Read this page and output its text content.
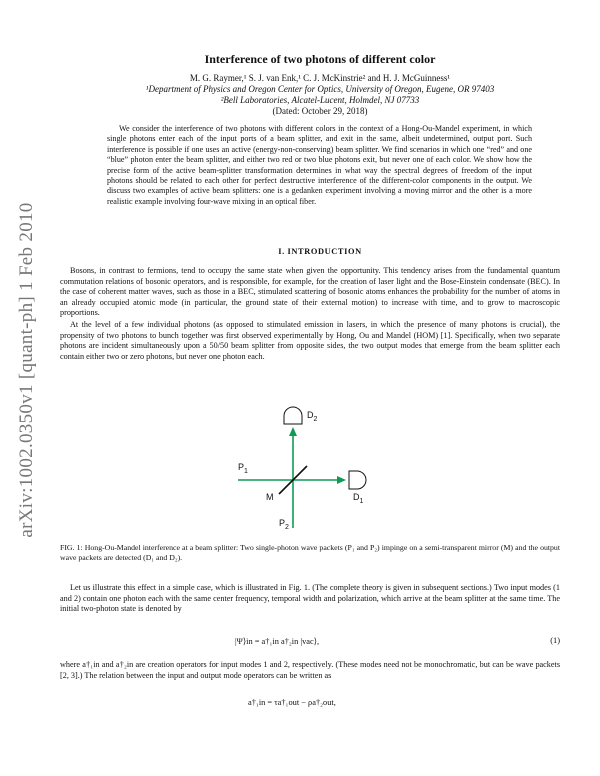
arXiv:1002.0350v1 [quant-ph] 1 Feb 2010
Interference of two photons of different color
M. G. Raymer,¹ S. J. van Enk,¹ C. J. McKinstrie² and H. J. McGuinness¹
¹Department of Physics and Oregon Center for Optics, University of Oregon, Eugene, OR 97403
²Bell Laboratories, Alcatel-Lucent, Holmdel, NJ 07733
(Dated: October 29, 2018)
We consider the interference of two photons with different colors in the context of a Hong-Ou-Mandel experiment, in which single photons enter each of the input ports of a beam splitter, and exit in the same, albeit undetermined, output port. Such interference is possible if one uses an active (energy-non-conserving) beam splitter. We find scenarios in which one “red” and one “blue” photon enter the beam splitter, and either two red or two blue photons exit, but never one of each color. We show how the precise form of the active beam-splitter transformation determines in what way the spectral degrees of freedom of the input photons should be related to each other for perfect destructive interference of the different-color components in the output. We discuss two examples of active beam splitters: one is a gedanken experiment involving a moving mirror and the other is a more realistic example involving four-wave mixing in an optical fiber.
I. INTRODUCTION

Bosons, in contrast to fermions, tend to occupy the same state when given the opportunity. This tendency arises from the fundamental quantum commutation relations of bosonic operators, and is responsible, for example, for the creation of laser light and the Bose-Einstein condensate (BEC). In the case of coherent matter waves, such as those in a BEC, stimulated scattering of bosonic atoms enhances the probability for the number of atoms in an already occupied atomic mode (in particular, the ground state of their external motion) to increase with time, and to grow to macroscopic proportions.

At the level of a few individual photons (as opposed to stimulated emission in lasers, in which the presence of many photons is crucial), the propensity of two photons to bunch together was first observed experimentally by Hong, Ou and Mandel (HOM) [1]. Specifically, when two separate photons are incident simultaneously upon a 50/50 beam splitter from opposite sides, the two output modes that emerge from the beam splitter each contain either two or zero photons, but never one photon each.

$D_2$
$D_1$
$P_1$
M
$P_2$
FIG. 1: Hong-Ou-Mandel interference at a beam splitter: Two single-photon wave packets (P₁ and P₂) impinge on a semi-transparent mirror (M) and the output wave packets are detected (D₁ and D₂).

Let us illustrate this effect in a simple case, which is illustrated in Fig. 1. (The complete theory is given in subsequent sections.) Two input modes (1 and 2) contain one photon each with the same center frequency, temporal width and polarization, which arrive at the beam splitter at the same time. The initial two-photon state is denoted by

|Ψ⟩in = a†₁in a†₂in |vac⟩,	(1)

where a†₁in and a†₂in are creation operators for input modes 1 and 2, respectively. (These modes need not be monochromatic, but can be wave packets [2, 3].) The relation between the input and output mode operators can be written as

a†₁in = τa†₁out − ρa†₂out,
